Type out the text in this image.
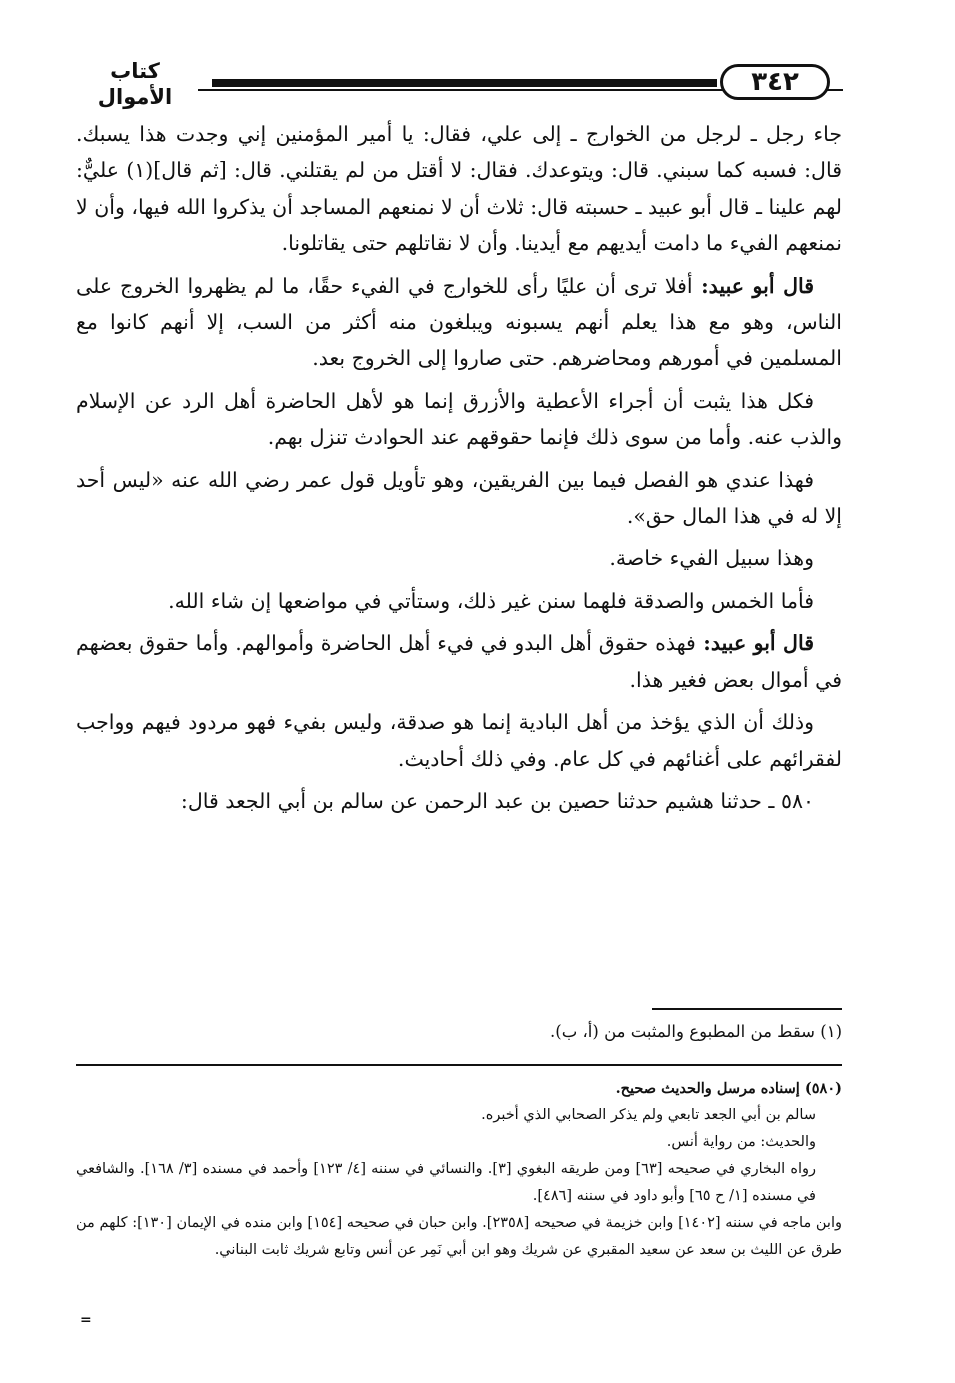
كتاب الأموال	٣٤٢

جاء رجل ـ لرجل من الخوارج ـ إلى علي، فقال: يا أمير المؤمنين إني وجدت هذا يسبك. قال: فسبه كما سبني. قال: ويتوعدك. فقال: لا أقتل من لم يقتلني. قال: [ثم قال](١) عليٌّ: لهم علينا ـ قال أبو عبيد ـ حسبته قال: ثلاث أن لا نمنعهم المساجد أن يذكروا الله فيها، وأن لا نمنعهم الفيء ما دامت أيديهم مع أيدينا. وأن لا نقاتلهم حتى يقاتلونا.

قال أبو عبيد: أفلا ترى أن عليًا رأى للخوارج في الفيء حقًا، ما لم يظهروا الخروج على الناس، وهو مع هذا يعلم أنهم يسبونه ويبلغون منه أكثر من السب، إلا أنهم كانوا مع المسلمين في أمورهم ومحاضرهم. حتى صاروا إلى الخروج بعد.

فكل هذا يثبت أن أجراء الأعطية والأزرق إنما هو لأهل الحاضرة أهل الرد عن الإسلام والذب عنه. وأما من سوى ذلك فإنما حقوقهم عند الحوادث تنزل بهم.

فهذا عندي هو الفصل فيما بين الفريقين، وهو تأويل قول عمر رضي الله عنه «ليس أحد إلا له في هذا المال حق».

وهذا سبيل الفيء خاصة.

فأما الخمس والصدقة فلهما سنن غير ذلك، وستأتي في مواضعها إن شاء الله.

قال أبو عبيد: فهذه حقوق أهل البدو في فيء أهل الحاضرة وأموالهم. وأما حقوق بعضهم في أموال بعض فغير هذا.

وذلك أن الذي يؤخذ من أهل البادية إنما هو صدقة، وليس بفيء فهو مردود فيهم وواجب لفقرائهم على أغنائهم في كل عام. وفي ذلك أحاديث.

٥٨٠ ـ حدثنا هشيم حدثنا حصين بن عبد الرحمن عن سالم بن أبي الجعد قال:

(١) سقط من المطبوع والمثبت من (أ، ب).

(٥٨٠) إسناده مرسل والحديث صحيح.

سالم بن أبي الجعد تابعي ولم يذكر الصحابي الذي أخبره.

والحديث: من رواية أنس.

رواه البخاري في صحيحه [٦٣] ومن طريقه البغوي [٣]. والنسائي في سننه [٤/ ١٢٣] وأحمد في مسنده [٣/ ١٦٨]. والشافعي في مسنده [١/ ح ٦٥] وأبو داود في سننه [٤٨٦].

وابن ماجه في سننه [١٤٠٢] وابن خزيمة في صحيحه [٢٣٥٨]. وابن حبان في صحيحه [١٥٤] وابن منده في الإيمان [١٣٠]: كلهم من طرق عن الليث بن سعد عن سعيد المقبري عن شريك وهو ابن أبي نَمِر عن أنس وتابع شريك ثابت البناني.

=
